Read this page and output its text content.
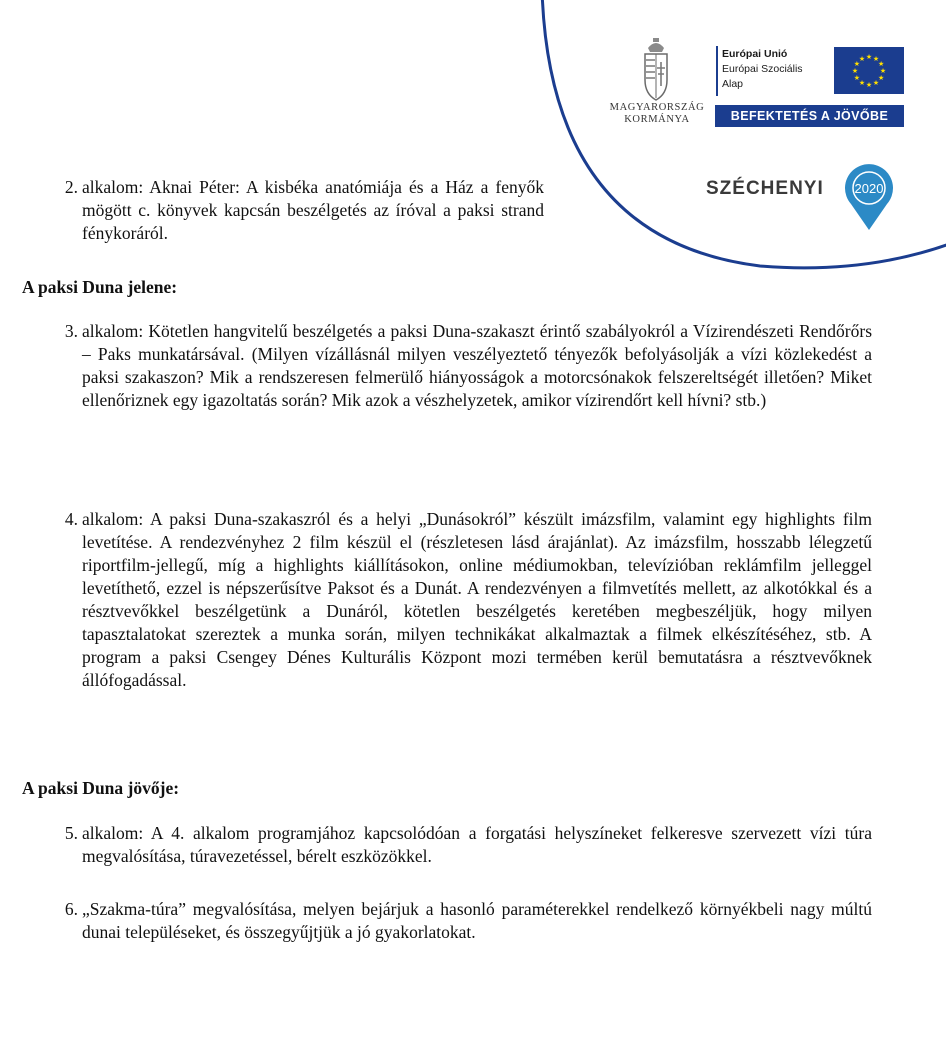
MAGYARORSZÁG
KORMÁNYA
Európai Unió
Európai Szociális
Alap
★
★
★
★
★
★
★
★
★ ★ ★
★
BEFEKTETÉS A JÖVŐBE
SZÉCHENYI 2020
2. alkalom: Aknai Péter: A kisbéka anatómiája és a Ház a fenyők mögött c. könyvek kapcsán beszélgetés az íróval a paksi strand fénykoráról.
A paksi Duna jelene:
3. alkalom: Kötetlen hangvitelű beszélgetés a paksi Duna-szakaszt érintő szabályokról a Vízirendészeti Rendőrőrs – Paks munkatársával. (Milyen vízállásnál milyen veszélyeztető tényezők befolyásolják a vízi közlekedést a paksi szakaszon? Mik a rendszeresen felmerülő hiányosságok a motorcsónakok felszereltségét illetően? Miket ellenőriznek egy igazoltatás során? Mik azok a vészhelyzetek, amikor vízirendőrt kell hívni? stb.)
4. alkalom: A paksi Duna-szakaszról és a helyi „Dunásokról” készült imázsfilm, valamint egy highlights film levetítése. A rendezvényhez 2 film készül el (részletesen lásd árajánlat). Az imázsfilm, hosszabb lélegzetű riportfilm-jellegű, míg a highlights kiállításokon, online médiumokban, televízióban reklámfilm jelleggel levetíthető, ezzel is népszerűsítve Paksot és a Dunát. A rendezvényen a filmvetítés mellett, az alkotókkal és a résztvevőkkel beszélgetünk a Dunáról, kötetlen beszélgetés keretében megbeszéljük, hogy milyen tapasztalatokat szereztek a munka során, milyen technikákat alkalmaztak a filmek elkészítéséhez, stb. A program a paksi Csengey Dénes Kulturális Központ mozi termében kerül bemutatásra a résztvevőknek állófogadással.
A paksi Duna jövője:
5. alkalom: A 4. alkalom programjához kapcsolódóan a forgatási helyszíneket felkeresve szervezett vízi túra megvalósítása, túravezetéssel, bérelt eszközökkel.
6. „Szakma-túra” megvalósítása, melyen bejárjuk a hasonló paraméterekkel rendelkező környékbeli nagy múltú dunai településeket, és összegyűjtjük a jó gyakorlatokat.
